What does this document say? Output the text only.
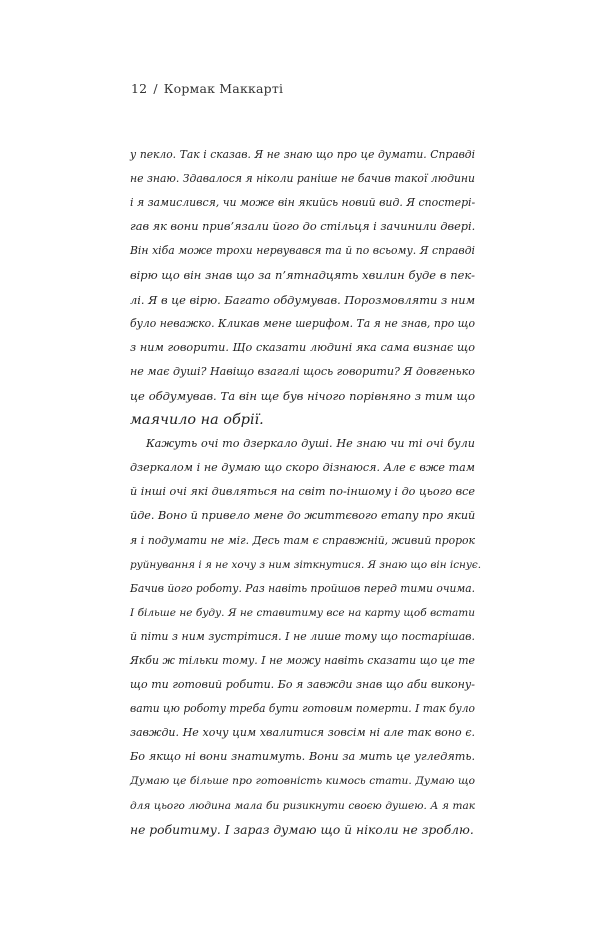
12 / Кормак Маккарті
у пекло. Так і сказав. Я не знаю що про це думати. Справді
не знаю. Здавалося я ніколи раніше не бачив такої людини
і я замислився, чи може він якийсь новий вид. Я спостері-
гав як вони прив’язали його до стільця і зачинили двері.
Він хіба може трохи нервувався та й по всьому. Я справді
вірю що він знав що за п’ятнадцять хвилин буде в пек-
лі. Я в це вірю. Багато обдумував. Порозмовляти з ним
було неважко. Кликав мене шерифом. Та я не знав, про що
з ним говорити. Що сказати людині яка сама визнає що
не має душі? Навіщо взагалі щось говорити? Я довгенько
це обдумував. Та він ще був нічого порівняно з тим що
маячило на обрії.
Кажуть очі то дзеркало душі. Не знаю чи ті очі були
дзеркалом і не думаю що скоро дізнаюся. Але є вже там
й інші очі які дивляться на світ по-іншому і до цього все
йде. Воно й привело мене до життєвого етапу про який
я і подумати не міг. Десь там є справжній, живий пророк
руйнування і я не хочу з ним зіткнутися. Я знаю що він існує.
Бачив його роботу. Раз навіть пройшов перед тими очима.
І більше не буду. Я не ставитиму все на карту щоб встати
й піти з ним зустрітися. І не лише тому що постарішав.
Якби ж тільки тому. І не можу навіть сказати що це те
що ти готовий робити. Бо я завжди знав що аби викону-
вати цю роботу треба бути готовим померти. І так було
завжди. Не хочу цим хвалитися зовсім ні але так воно є.
Бо якщо ні вони знатимуть. Вони за мить це угледять.
Думаю це більше про готовність кимось стати. Думаю що
для цього людина мала би ризикнути своєю душею. А я так
не робитиму. І зараз думаю що й ніколи не зроблю.
